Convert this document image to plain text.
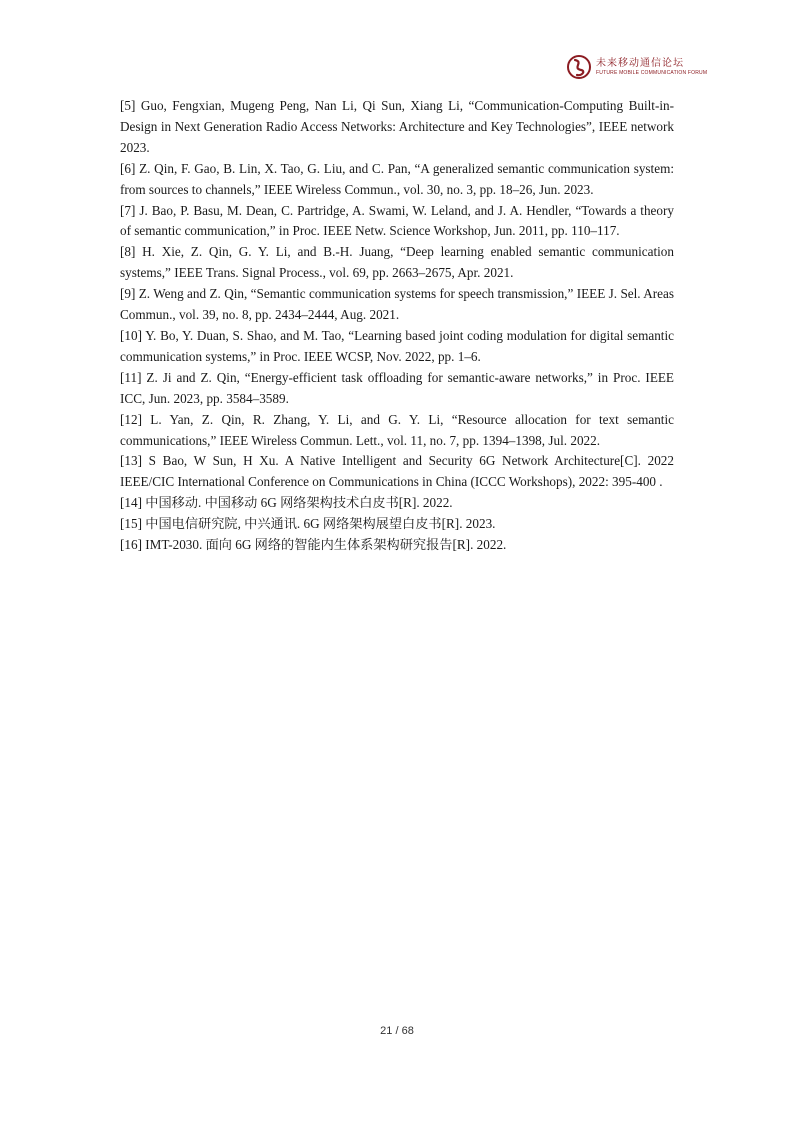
未来移动通信论坛
FUTURE MOBILE COMMUNICATION FORUM

[5] Guo, Fengxian, Mugeng Peng, Nan Li, Qi Sun, Xiang Li, “Communication-Computing Built-in-Design in Next Generation Radio Access Networks: Architecture and Key Technologies”, IEEE network 2023.

[6] Z. Qin, F. Gao, B. Lin, X. Tao, G. Liu, and C. Pan, “A generalized semantic communication system: from sources to channels,” IEEE Wireless Commun., vol. 30, no. 3, pp. 18–26, Jun. 2023.

[7] J. Bao, P. Basu, M. Dean, C. Partridge, A. Swami, W. Leland, and J. A. Hendler, “Towards a theory of semantic communication,” in Proc. IEEE Netw. Science Workshop, Jun. 2011, pp. 110–117.

[8] H. Xie, Z. Qin, G. Y. Li, and B.-H. Juang, “Deep learning enabled semantic communication systems,” IEEE Trans. Signal Process., vol. 69, pp. 2663–2675, Apr. 2021.

[9] Z. Weng and Z. Qin, “Semantic communication systems for speech transmission,” IEEE J. Sel. Areas Commun., vol. 39, no. 8, pp. 2434–2444, Aug. 2021.

[10] Y. Bo, Y. Duan, S. Shao, and M. Tao, “Learning based joint coding modulation for digital semantic communication systems,” in Proc. IEEE WCSP, Nov. 2022, pp. 1–6.

[11] Z. Ji and Z. Qin, “Energy-efficient task offloading for semantic-aware networks,” in Proc. IEEE ICC, Jun. 2023, pp. 3584–3589.

[12] L. Yan, Z. Qin, R. Zhang, Y. Li, and G. Y. Li, “Resource allocation for text semantic communications,” IEEE Wireless Commun. Lett., vol. 11, no. 7, pp. 1394–1398, Jul. 2022.

[13] S Bao, W Sun, H Xu. A Native Intelligent and Security 6G Network Architecture[C]. 2022 IEEE/CIC International Conference on Communications in China (ICCC Workshops), 2022: 395-400 .

[14] 中国移动. 中国移动 6G 网络架构技术白皮书[R]. 2022.

[15] 中国电信研究院, 中兴通讯. 6G 网络架构展望白皮书[R]. 2023.

[16] IMT-2030. 面向 6G 网络的智能内生体系架构研究报告[R]. 2022.

21 / 68
